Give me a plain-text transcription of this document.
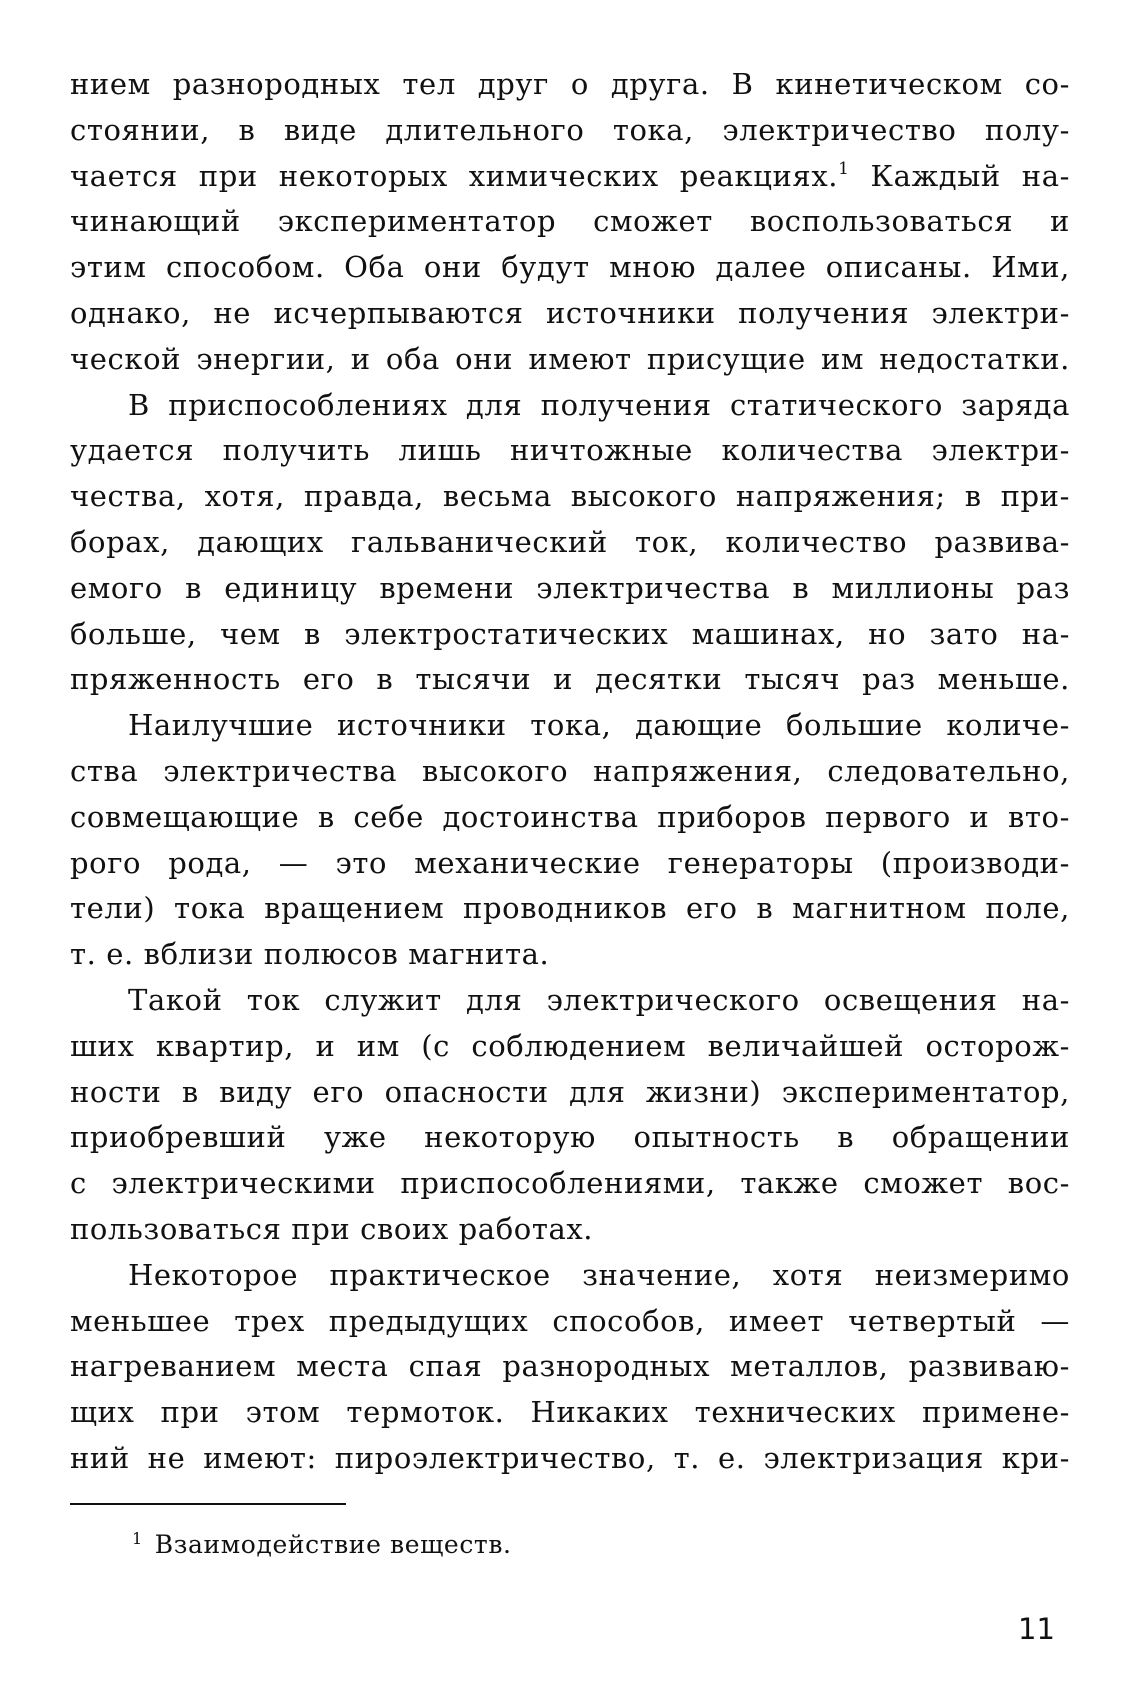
нием разнородных тел друг о друга. В кинетическом со-
стоянии, в виде длительного тока, электричество полу-
чается при некоторых химических реакциях.$^1$ Каждый на-
чинающий экспериментатор сможет воспользоваться и
этим способом. Оба они будут мною далее описаны. Ими,
однако, не исчерпываются источники получения электри-
ческой энергии, и оба они имеют присущие им недостатки.
В приспособлениях для получения статического заряда
удается получить лишь ничтожные количества электри-
чества, хотя, правда, весьма высокого напряжения; в при-
борах, дающих гальванический ток, количество развива-
емого в единицу времени электричества в миллионы раз
больше, чем в электростатических машинах, но зато на-
пряженность его в тысячи и десятки тысяч раз меньше.
Наилучшие источники тока, дающие большие количе-
ства электричества высокого напряжения, следовательно,
совмещающие в себе достоинства приборов первого и вто-
рого рода, — это механические генераторы (производи-
тели) тока вращением проводников его в магнитном поле,
т. е. вблизи полюсов магнита.
Такой ток служит для электрического освещения на-
ших квартир, и им (с соблюдением величайшей осторож-
ности в виду его опасности для жизни) экспериментатор,
приобревший уже некоторую опытность в обращении
с электрическими приспособлениями, также сможет вос-
пользоваться при своих работах.
Некоторое практическое значение, хотя неизмеримо
меньшее трех предыдущих способов, имеет четвертый —
нагреванием места спая разнородных металлов, развиваю-
щих при этом термоток. Никаких технических примене-
ний не имеют: пироэлектричество, т. е. электризация кри-
$^1$ Взаимодействие веществ.
11
